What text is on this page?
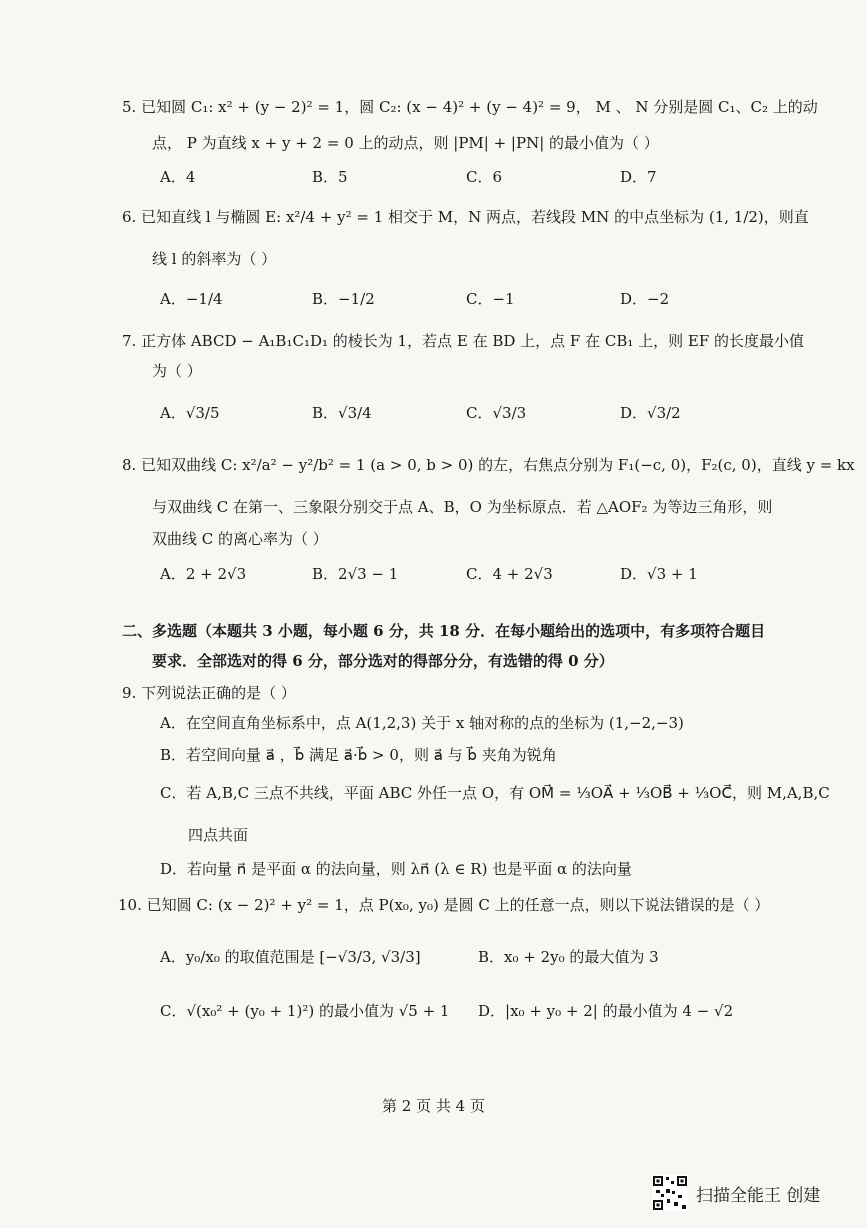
5. 已知圆 C₁: x² + (y − 2)² = 1，圆 C₂: (x − 4)² + (y − 4)² = 9， M 、 N 分别是圆 C₁、C₂ 上的动
点， P 为直线 x + y + 2 = 0 上的动点，则 |PM| + |PN| 的最小值为（ ）
A．4	B．5	C．6	D．7
6. 已知直线 l 与椭圆 E: x²/4 + y² = 1 相交于 M，N 两点，若线段 MN 的中点坐标为 (1, 1/2)，则直
线 l 的斜率为（ ）
A．−1/4	B．−1/2	C．−1	D．−2
7. 正方体 ABCD − A₁B₁C₁D₁ 的棱长为 1，若点 E 在 BD 上，点 F 在 CB₁ 上，则 EF 的长度最小值
为（ ）
A．√3/5	B．√3/4	C．√3/3	D．√3/2
8. 已知双曲线 C: x²/a² − y²/b² = 1 (a > 0, b > 0) 的左，右焦点分别为 F₁(−c, 0)，F₂(c, 0)，直线 y = kx
与双曲线 C 在第一、三象限分别交于点 A、B，O 为坐标原点．若 △AOF₂ 为等边三角形，则
双曲线 C 的离心率为（ ）
A．2 + 2√3	B．2√3 − 1	C．4 + 2√3	D．√3 + 1
二、多选题（本题共 3 小题，每小题 6 分，共 18 分．在每小题给出的选项中，有多项符合题目
要求．全部选对的得 6 分，部分选对的得部分分，有选错的得 0 分）
9. 下列说法正确的是（ ）
A．在空间直角坐标系中，点 A(1,2,3) 关于 x 轴对称的点的坐标为 (1,−2,−3)
B．若空间向量 a⃗ ，b⃗ 满足 a⃗·b⃗ > 0，则 a⃗ 与 b⃗ 夹角为锐角
C．若 A,B,C 三点不共线，平面 ABC 外任一点 O，有 OM⃗ = ⅓OA⃗ + ⅓OB⃗ + ⅓OC⃗，则 M,A,B,C
四点共面
D．若向量 n⃗ 是平面 α 的法向量，则 λn⃗ (λ ∈ R) 也是平面 α 的法向量
10. 已知圆 C: (x − 2)² + y² = 1，点 P(x₀, y₀) 是圆 C 上的任意一点，则以下说法错误的是（ ）
A．y₀/x₀ 的取值范围是 [−√3/3, √3/3]	B．x₀ + 2y₀ 的最大值为 3
C．√(x₀² + (y₀ + 1)²) 的最小值为 √5 + 1 D．|x₀ + y₀ + 2| 的最小值为 4 − √2
第 2 页 共 4 页
扫描全能王 创建
